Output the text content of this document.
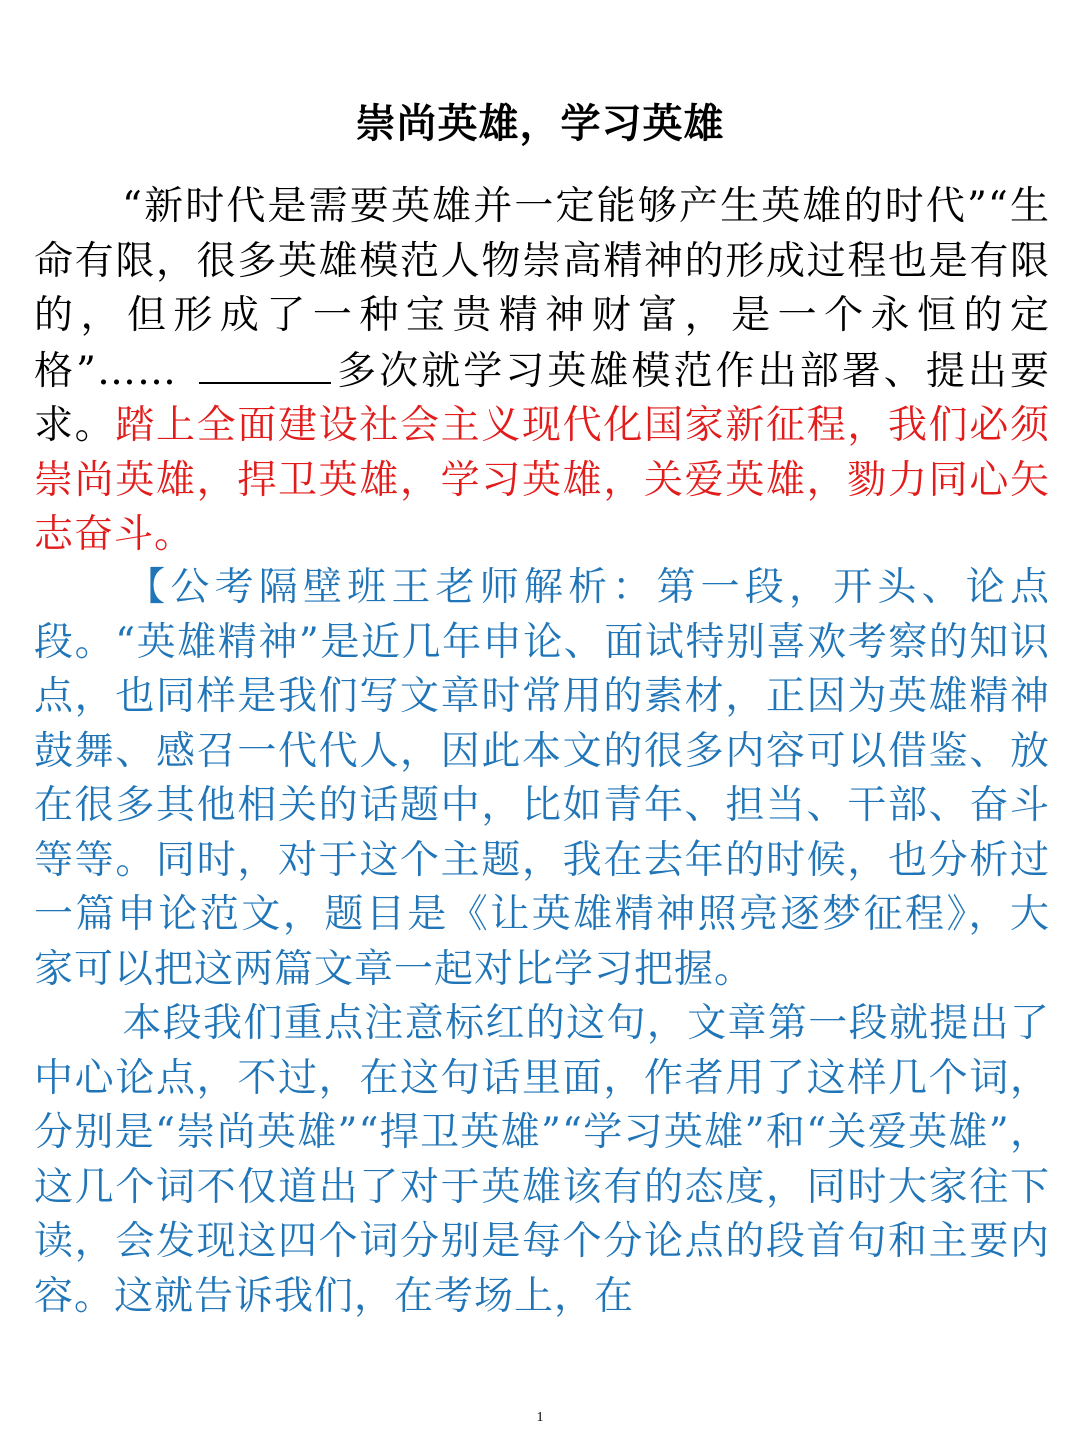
崇尚英雄，学习英雄

“新时代是需要英雄并一定能够产生英雄的时代”“生命有限，很多英雄模范人物崇高精神的形成过程也是有限的，但形成了一种宝贵精神财富，是一个永恒的定格”……	多次就学习英雄模范作出部署、提出要求。踏上全面建设社会主义现代化国家新征程，我们必须崇尚英雄，捍卫英雄，学习英雄，关爱英雄，勠力同心矢志奋斗。

【公考隔壁班王老师解析：第一段，开头、论点段。“英雄精神”是近几年申论、面试特别喜欢考察的知识点，也同样是我们写文章时常用的素材，正因为英雄精神鼓舞、感召一代代人，因此本文的很多内容可以借鉴、放在很多其他相关的话题中，比如青年、担当、干部、奋斗等等。同时，对于这个主题，我在去年的时候，也分析过一篇申论范文，题目是《让英雄精神照亮逐梦征程》，大家可以把这两篇文章一起对比学习把握。

本段我们重点注意标红的这句，文章第一段就提出了中心论点，不过，在这句话里面，作者用了这样几个词，分别是“崇尚英雄”“捍卫英雄”“学习英雄”和“关爱英雄”，这几个词不仅道出了对于英雄该有的态度，同时大家往下读，会发现这四个词分别是每个分论点的段首句和主要内容。这就告诉我们，在考场上，在

1
